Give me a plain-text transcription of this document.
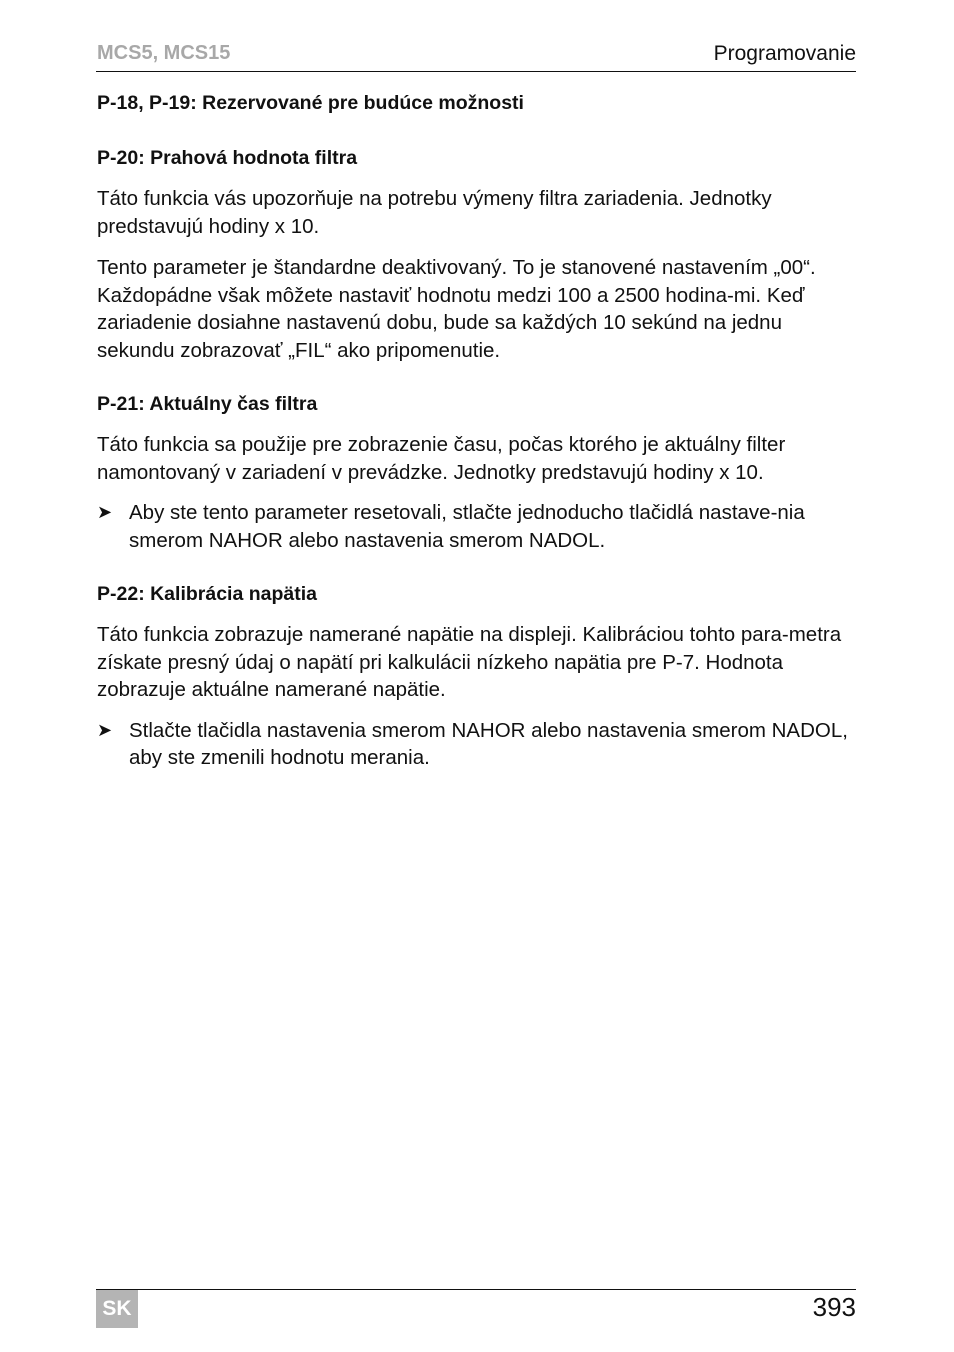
MCS5, MCS15	Programovanie
P-18, P-19: Rezervované pre budúce možnosti
P-20: Prahová hodnota filtra

Táto funkcia vás upozorňuje na potrebu výmeny filtra zariadenia. Jednotky predstavujú hodiny x 10.

Tento parameter je štandardne deaktivovaný. To je stanovené nastavením „00“. Každopádne však môžete nastaviť hodnotu medzi 100 a 2500 hodina-mi. Keď zariadenie dosiahne nastavenú dobu, bude sa každých 10 sekúnd na jednu sekundu zobrazovať „FIL“ ako pripomenutie.

P-21: Aktuálny čas filtra

Táto funkcia sa použije pre zobrazenie času, počas ktorého je aktuálny filter namontovaný v zariadení v prevádzke. Jednotky predstavujú hodiny x 10.

➤ Aby ste tento parameter resetovali, stlačte jednoducho tlačidlá nastave-nia smerom NAHOR alebo nastavenia smerom NADOL.
P-22: Kalibrácia napätia

Táto funkcia zobrazuje namerané napätie na displeji. Kalibráciou tohto para-metra získate presný údaj o napätí pri kalkulácii nízkeho napätia pre P-7. Hodnota zobrazuje aktuálne namerané napätie.

➤ Stlačte tlačidla nastavenia smerom NAHOR alebo nastavenia smerom NADOL, aby ste zmenili hodnotu merania.
SK	393
